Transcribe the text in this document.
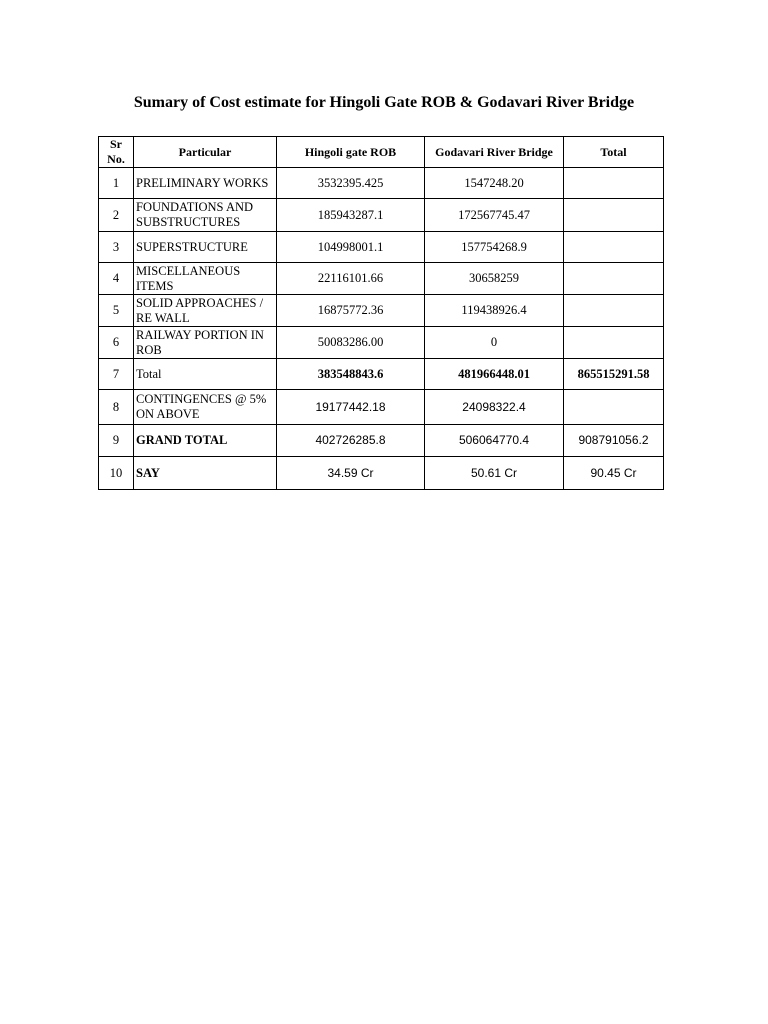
Sumary of Cost estimate for Hingoli Gate ROB & Godavari River Bridge
Sr No.	Particular	Hingoli gate ROB	Godavari River Bridge	Total
1	PRELIMINARY WORKS	3532395.425	1547248.20	
2	FOUNDATIONS AND SUBSTRUCTURES	185943287.1	172567745.47	
3	SUPERSTRUCTURE	104998001.1	157754268.9	
4	MISCELLANEOUS ITEMS	22116101.66	30658259	
5	SOLID APPROACHES / RE WALL	16875772.36	119438926.4	
6	RAILWAY PORTION IN ROB	50083286.00	0	
7	Total	383548843.6	481966448.01	865515291.58
8	CONTINGENCES @ 5% ON ABOVE	19177442.18	24098322.4	
9	GRAND TOTAL	402726285.8	506064770.4	908791056.2
10	SAY	34.59 Cr	50.61 Cr	90.45 Cr
